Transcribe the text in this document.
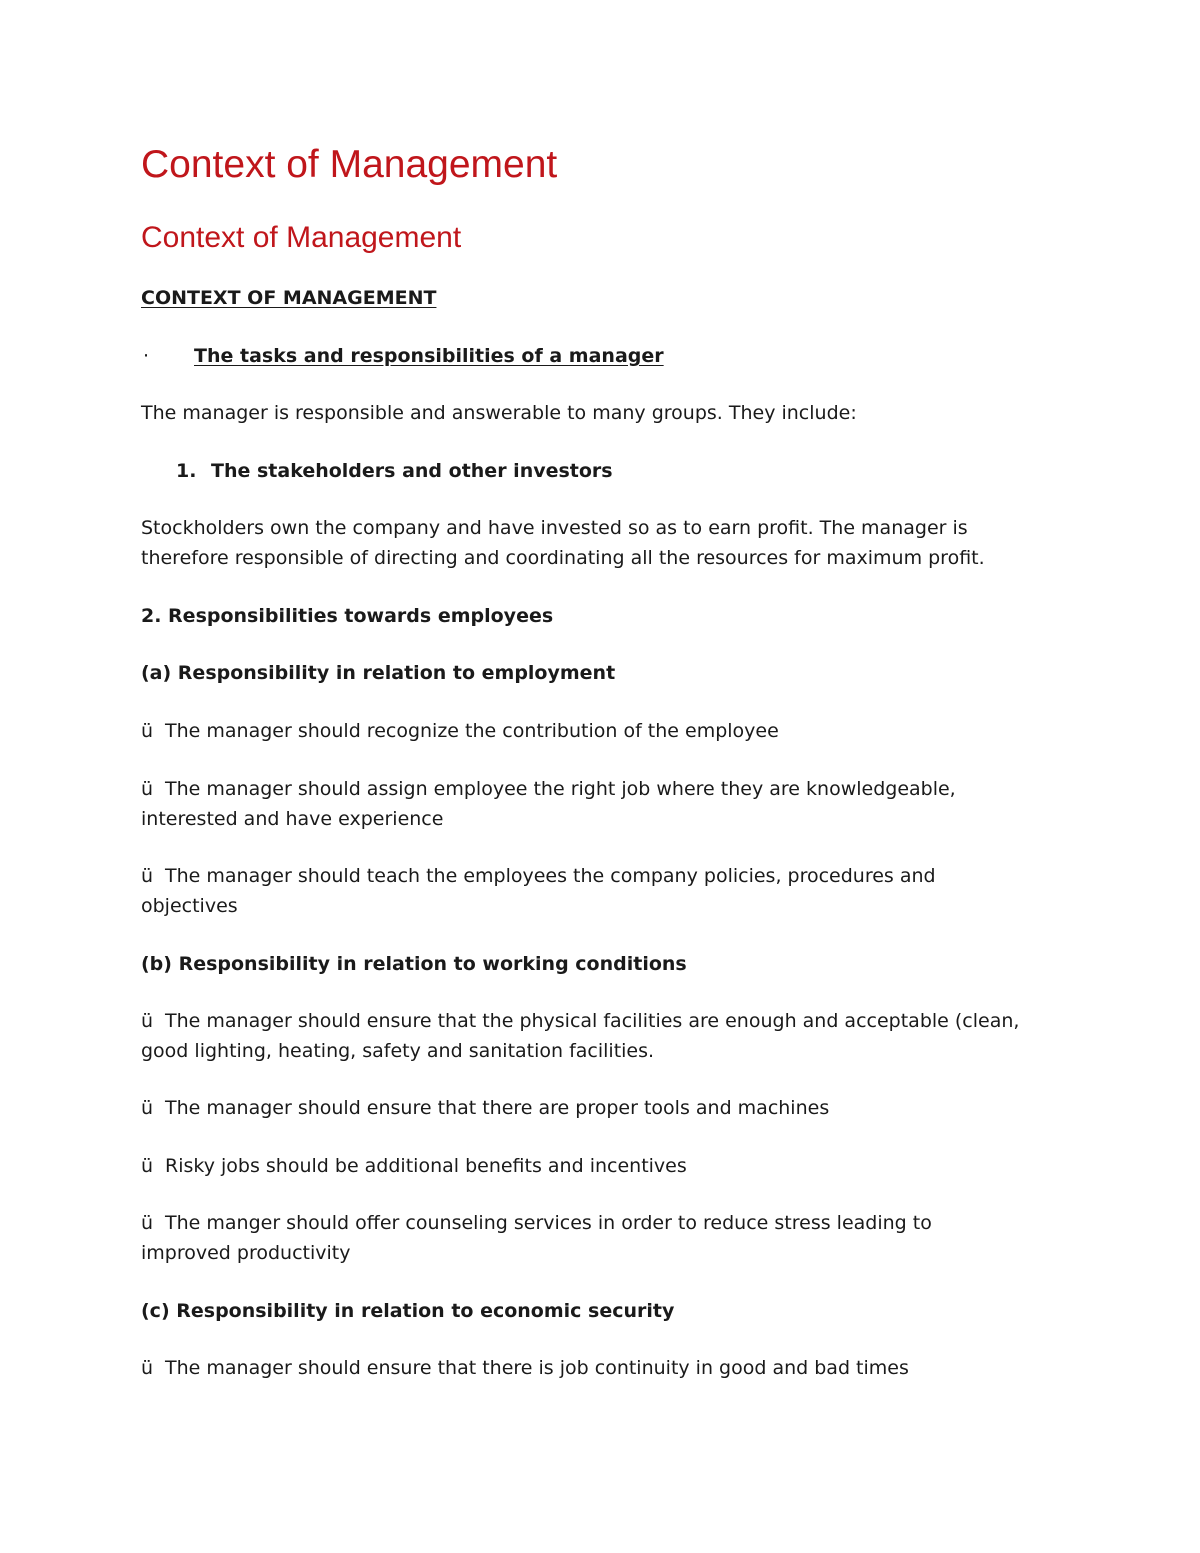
Context of Management
Context of Management
CONTEXT OF MANAGEMENT
· The tasks and responsibilities of a manager
The manager is responsible and answerable to many groups. They include:
1. The stakeholders and other investors
Stockholders own the company and have invested so as to earn profit. The manager is
therefore responsible of directing and coordinating all the resources for maximum profit.
2. Responsibilities towards employees
(a) Responsibility in relation to employment
ü The manager should recognize the contribution of the employee
ü The manager should assign employee the right job where they are knowledgeable,
interested and have experience
ü The manager should teach the employees the company policies, procedures and
objectives
(b) Responsibility in relation to working conditions
ü The manager should ensure that the physical facilities are enough and acceptable (clean,
good lighting, heating, safety and sanitation facilities.
ü The manager should ensure that there are proper tools and machines
ü Risky jobs should be additional benefits and incentives
ü The manger should offer counseling services in order to reduce stress leading to
improved productivity
(c) Responsibility in relation to economic security
ü The manager should ensure that there is job continuity in good and bad times
